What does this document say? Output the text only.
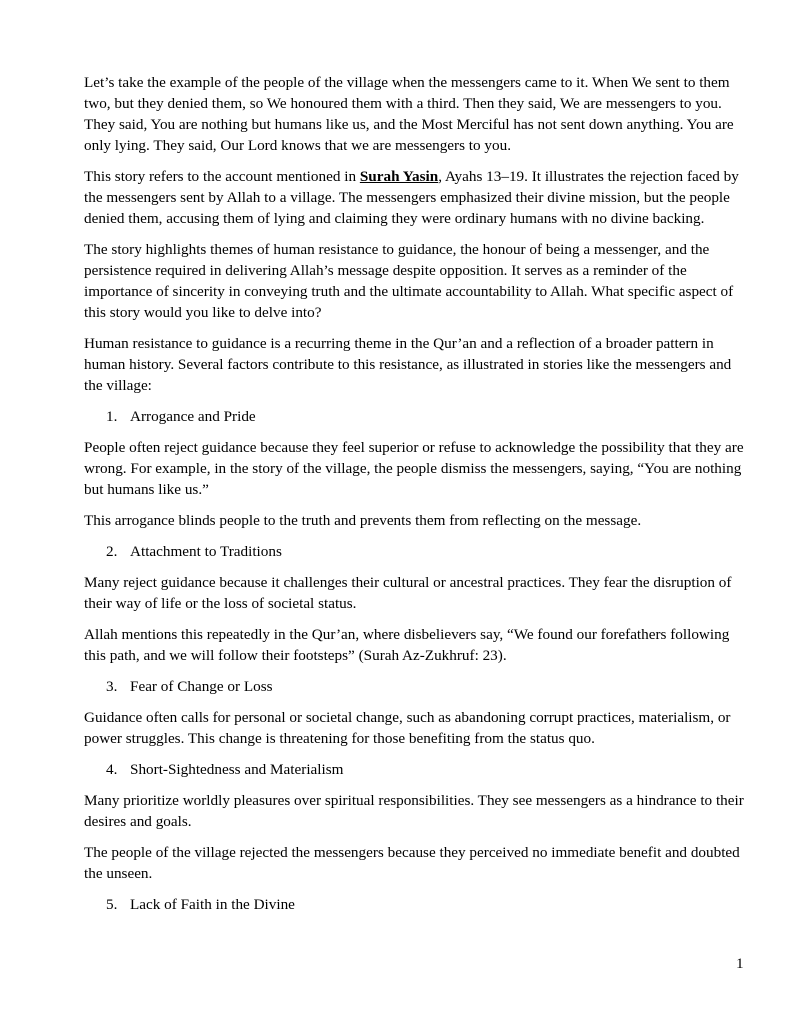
Let’s take the example of the people of the village when the messengers came to it. When We sent to them two, but they denied them, so We honoured them with a third. Then they said, We are messengers to you. They said, You are nothing but humans like us, and the Most Merciful has not sent down anything. You are only lying. They said, Our Lord knows that we are messengers to you.

This story refers to the account mentioned in Surah Yasin, Ayahs 13–19. It illustrates the rejection faced by the messengers sent by Allah to a village. The messengers emphasized their divine mission, but the people denied them, accusing them of lying and claiming they were ordinary humans with no divine backing.

The story highlights themes of human resistance to guidance, the honour of being a messenger, and the persistence required in delivering Allah’s message despite opposition. It serves as a reminder of the importance of sincerity in conveying truth and the ultimate accountability to Allah. What specific aspect of this story would you like to delve into?

Human resistance to guidance is a recurring theme in the Qur’an and a reflection of a broader pattern in human history. Several factors contribute to this resistance, as illustrated in stories like the messengers and the village:

1. Arrogance and Pride

People often reject guidance because they feel superior or refuse to acknowledge the possibility that they are wrong. For example, in the story of the village, the people dismiss the messengers, saying, “You are nothing but humans like us.”

This arrogance blinds people to the truth and prevents them from reflecting on the message.

2. Attachment to Traditions

Many reject guidance because it challenges their cultural or ancestral practices. They fear the disruption of their way of life or the loss of societal status.

Allah mentions this repeatedly in the Qur’an, where disbelievers say, “We found our forefathers following this path, and we will follow their footsteps” (Surah Az-Zukhruf: 23).

3. Fear of Change or Loss

Guidance often calls for personal or societal change, such as abandoning corrupt practices, materialism, or power struggles. This change is threatening for those benefiting from the status quo.

4. Short-Sightedness and Materialism

Many prioritize worldly pleasures over spiritual responsibilities. They see messengers as a hindrance to their desires and goals.

The people of the village rejected the messengers because they perceived no immediate benefit and doubted the unseen.

5. Lack of Faith in the Divine
1
